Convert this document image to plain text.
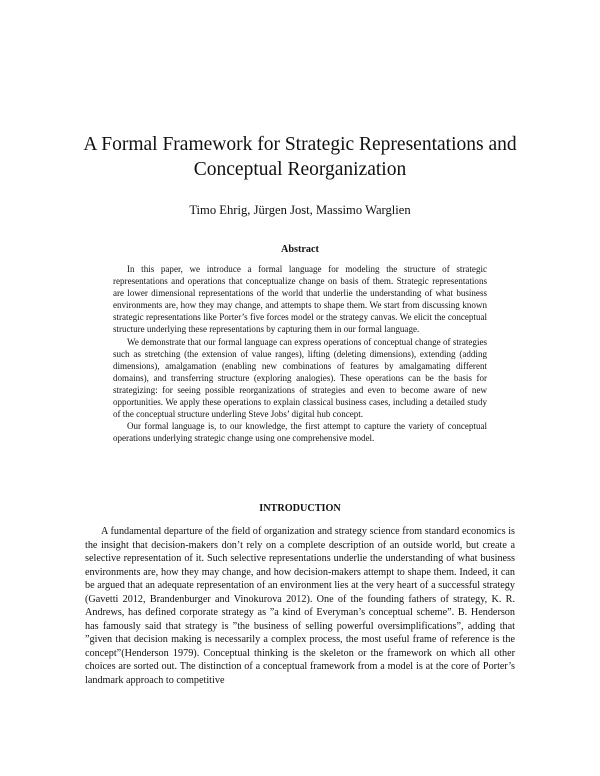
A Formal Framework for Strategic Representations and Conceptual Reorganization
Timo Ehrig, Jürgen Jost, Massimo Warglien
Abstract

In this paper, we introduce a formal language for modeling the structure of strategic representations and operations that conceptualize change on basis of them. Strategic representations are lower dimensional representations of the world that underlie the understanding of what business environments are, how they may change, and attempts to shape them. We start from discussing known strategic representations like Porter’s five forces model or the strategy canvas. We elicit the conceptual structure underlying these representations by capturing them in our formal language.

We demonstrate that our formal language can express operations of conceptual change of strategies such as stretching (the extension of value ranges), lifting (deleting dimensions), extending (adding dimensions), amalgamation (enabling new combinations of features by amalgamating different domains), and transferring structure (exploring analogies). These operations can be the basis for strategizing: for seeing possible reorganizations of strategies and even to become aware of new opportunities. We apply these operations to explain classical business cases, including a detailed study of the conceptual structure underling Steve Jobs’ digital hub concept.

Our formal language is, to our knowledge, the first attempt to capture the variety of conceptual operations underlying strategic change using one comprehensive model.

INTRODUCTION

A fundamental departure of the field of organization and strategy science from standard economics is the insight that decision-makers don’t rely on a complete description of an outside world, but create a selective representation of it. Such selective representations underlie the understanding of what business environments are, how they may change, and how decision-makers attempt to shape them. Indeed, it can be argued that an adequate representation of an environment lies at the very heart of a successful strategy (Gavetti 2012, Brandenburger and Vinokurova 2012). One of the founding fathers of strategy, K. R. Andrews, has defined corporate strategy as ”a kind of Everyman’s conceptual scheme”. B. Henderson has famously said that strategy is ”the business of selling powerful oversimplifications”, adding that ”given that decision making is necessarily a complex process, the most useful frame of reference is the concept”(Henderson 1979). Conceptual thinking is the skeleton or the framework on which all other choices are sorted out. The distinction of a conceptual framework from a model is at the core of Porter’s landmark approach to competitive
